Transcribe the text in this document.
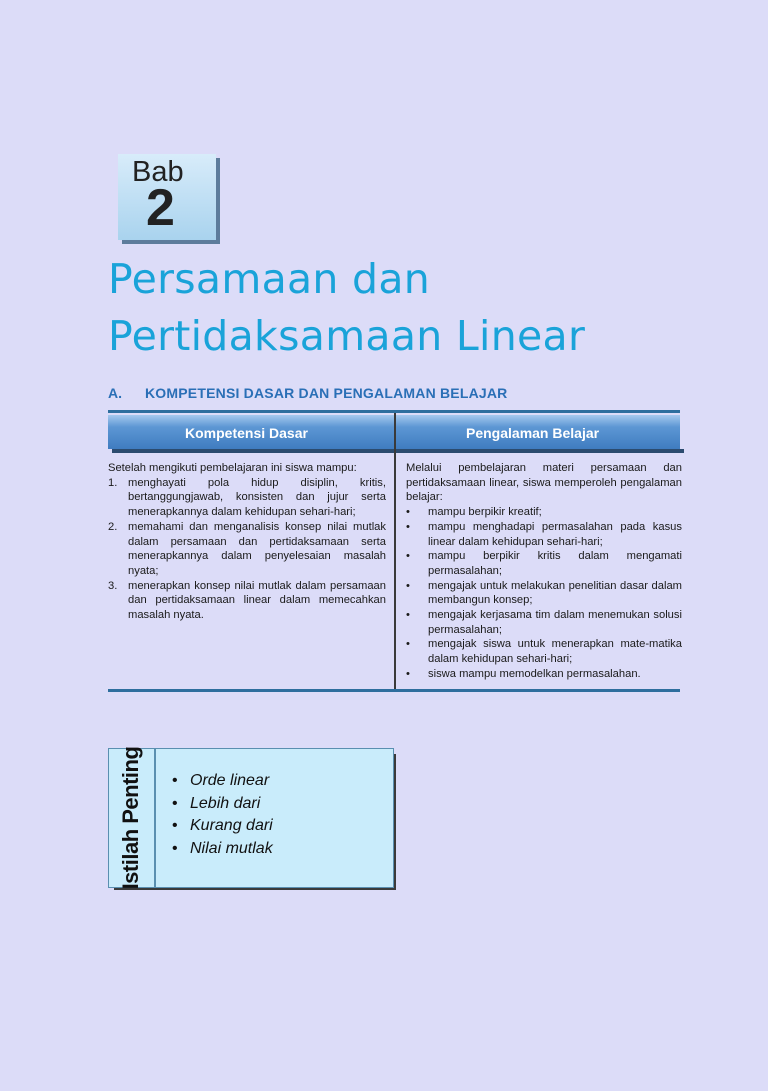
Bab
2
Persamaan dan
Pertidaksamaan Linear
A. KOMPETENSI DASAR DAN PENGALAMAN BELAJAR
Kompetensi Dasar	Pengalaman Belajar

Setelah mengikuti pembelajaran ini siswa mampu:

1. menghayati pola hidup disiplin, kritis, bertanggungjawab, konsisten dan jujur serta menerapkannya dalam kehidupan sehari-hari;
2. memahami dan menganalisis konsep nilai mutlak dalam persamaan dan pertidaksamaan serta menerapkannya dalam penyelesaian masalah nyata;
3. menerapkan konsep nilai mutlak dalam persamaan dan pertidaksamaan linear dalam memecahkan masalah nyata.

Melalui pembelajaran materi persamaan dan pertidaksamaan linear, siswa memperoleh pengalaman belajar:

• mampu berpikir kreatif;
• mampu menghadapi permasalahan pada kasus linear dalam kehidupan sehari-hari;
• mampu berpikir kritis dalam mengamati permasalahan;
• mengajak untuk melakukan penelitian dasar dalam membangun konsep;
• mengajak kerjasama tim dalam menemukan solusi permasalahan;
• mengajak siswa untuk menerapkan mate-matika dalam kehidupan sehari-hari;
• siswa mampu memodelkan permasalahan.
Istilah Penting
•	Orde linear
• Lebih dari
• Kurang dari
• Nilai mutlak
